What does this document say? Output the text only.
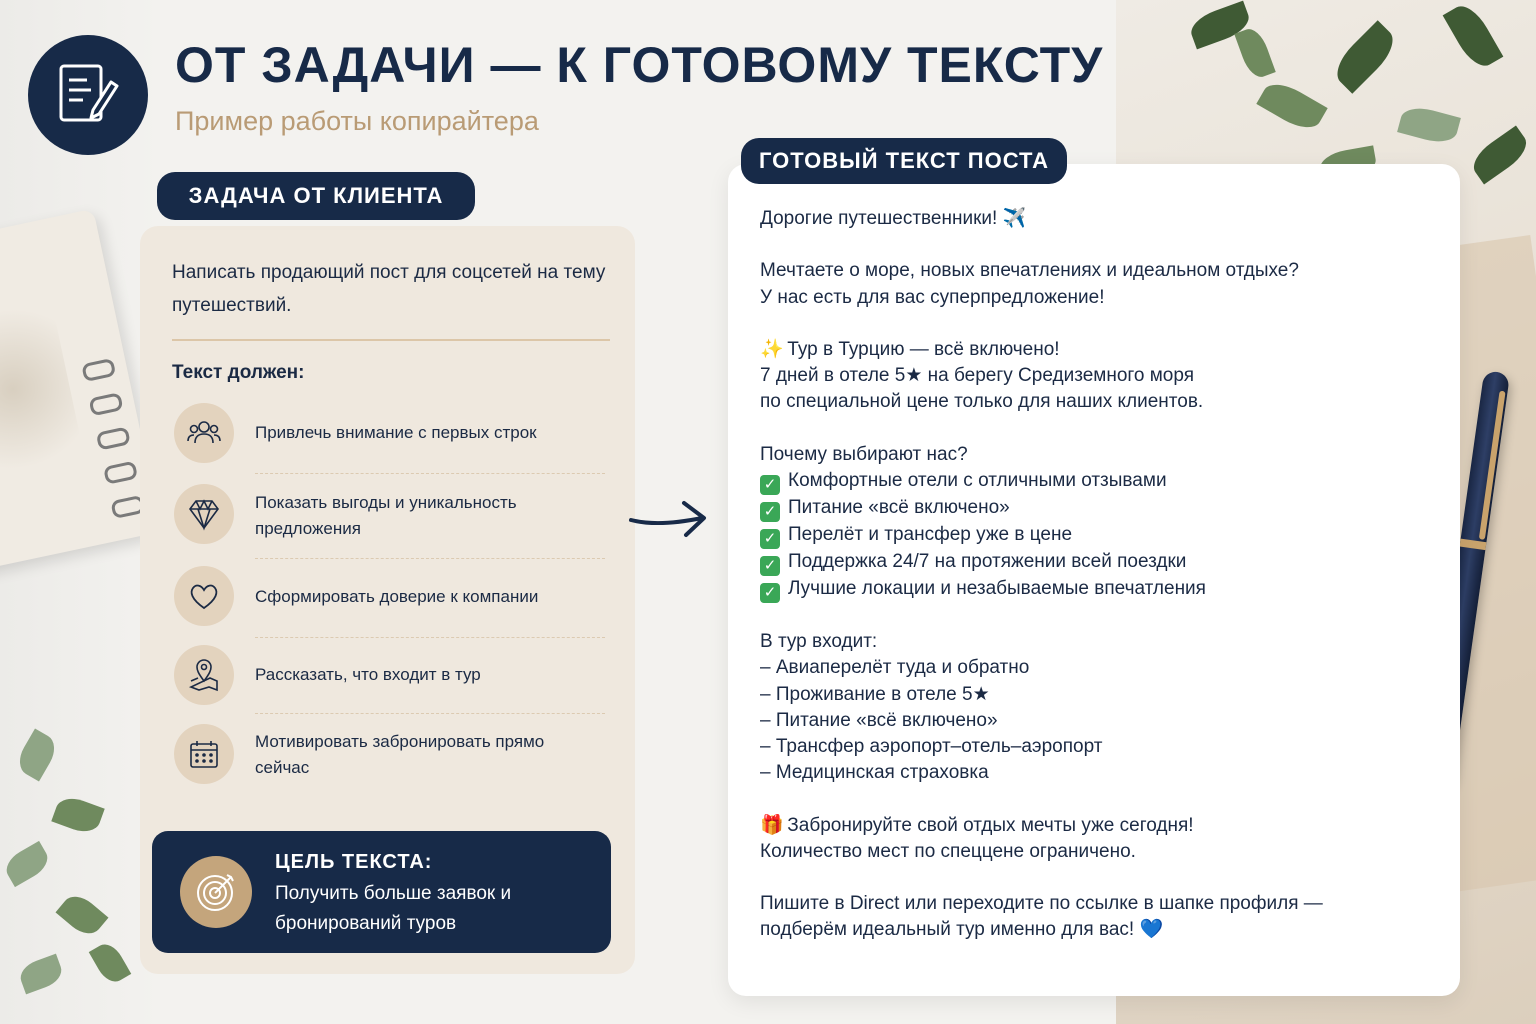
ОТ ЗАДАЧИ — К ГОТОВОМУ ТЕКСТУ

Пример работы копирайтера

ЗАДАЧА ОТ КЛИЕНТА

Написать продающий пост для соцсетей на тему путешествий.

Текст должен:

Привлечь внимание с первых строк
Показать выгоды и уникальность предложения
Сформировать доверие к компании
Рассказать, что входит в тур
Мотивировать забронировать прямо сейчас

ЦЕЛЬ ТЕКСТА:

Получить больше заявок и бронирований туров

ГОТОВЫЙ ТЕКСТ ПОСТА
Дорогие путешественники! ✈️
Мечтаете о море, новых впечатлениях и идеальном отдыхе?
У нас есть для вас суперпредложение!
✨ Тур в Турцию — всё включено!
7 дней в отеле 5★ на берегу Средиземного моря
по специальной цене только для наших клиентов.
Почему выбирают нас?
✓ Комфортные отели с отличными отзывами
✓ Питание «всё включено»
✓ Перелёт и трансфер уже в цене
✓ Поддержка 24/7 на протяжении всей поездки
✓ Лучшие локации и незабываемые впечатления
В тур входит:
– Авиаперелёт туда и обратно
– Проживание в отеле 5★
– Питание «всё включено»
– Трансфер аэропорт–отель–аэропорт
– Медицинская страховка
🎁 Забронируйте свой отдых мечты уже сегодня!
Количество мест по спеццене ограничено.
Пишите в Direct или переходите по ссылке в шапке профиля —
подберём идеальный тур именно для вас! 💙
